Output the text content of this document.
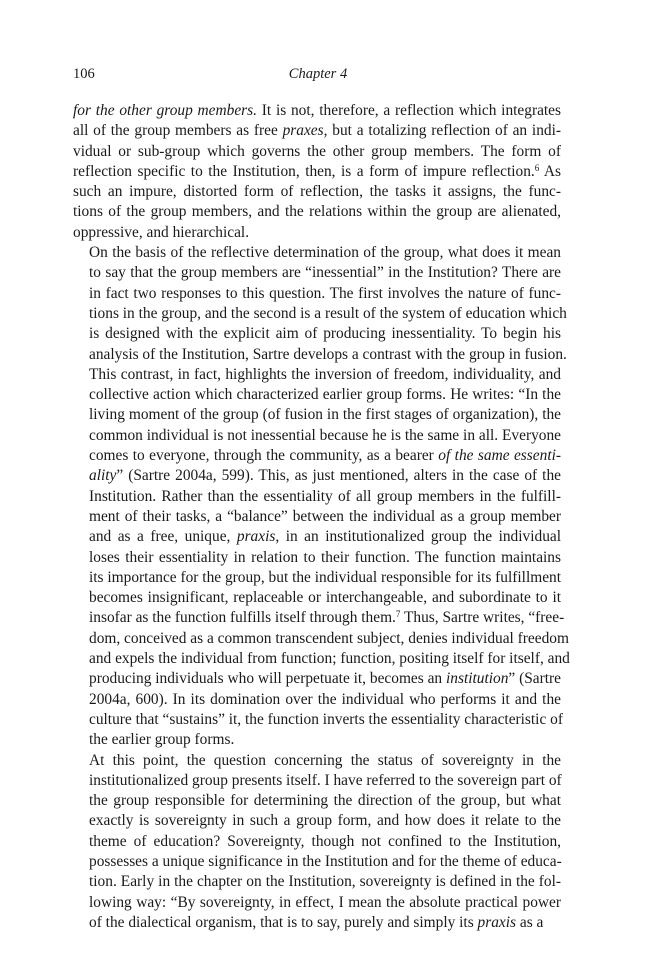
106	Chapter 4

for the other group members. It is not, therefore, a reflection which integrates
all of the group members as free praxes, but a totalizing reflection of an indi-
vidual or sub-group which governs the other group members. The form of
reflection specific to the Institution, then, is a form of impure reflection.$^6$ As
such an impure, distorted form of reflection, the tasks it assigns, the func-
tions of the group members, and the relations within the group are alienated,
oppressive, and hierarchical.

On the basis of the reflective determination of the group, what does it mean
to say that the group members are “inessential” in the Institution? There are
in fact two responses to this question. The first involves the nature of func-
tions in the group, and the second is a result of the system of education which
is designed with the explicit aim of producing inessentiality. To begin his
analysis of the Institution, Sartre develops a contrast with the group in fusion.
This contrast, in fact, highlights the inversion of freedom, individuality, and
collective action which characterized earlier group forms. He writes: “In the
living moment of the group (of fusion in the first stages of organization), the
common individual is not inessential because he is the same in all. Everyone
comes to everyone, through the community, as a bearer of the same essenti-
ality” (Sartre 2004a, 599). This, as just mentioned, alters in the case of the
Institution. Rather than the essentiality of all group members in the fulfill-
ment of their tasks, a “balance” between the individual as a group member
and as a free, unique, praxis, in an institutionalized group the individual
loses their essentiality in relation to their function. The function maintains
its importance for the group, but the individual responsible for its fulfillment
becomes insignificant, replaceable or interchangeable, and subordinate to it
insofar as the function fulfills itself through them.$^7$ Thus, Sartre writes, “free-
dom, conceived as a common transcendent subject, denies individual freedom
and expels the individual from function; function, positing itself for itself, and
producing individuals who will perpetuate it, becomes an institution” (Sartre
2004a, 600). In its domination over the individual who performs it and the
culture that “sustains” it, the function inverts the essentiality characteristic of
the earlier group forms.

At this point, the question concerning the status of sovereignty in the
institutionalized group presents itself. I have referred to the sovereign part of
the group responsible for determining the direction of the group, but what
exactly is sovereignty in such a group form, and how does it relate to the
theme of education? Sovereignty, though not confined to the Institution,
possesses a unique significance in the Institution and for the theme of educa-
tion. Early in the chapter on the Institution, sovereignty is defined in the fol-
lowing way: “By sovereignty, in effect, I mean the absolute practical power
of the dialectical organism, that is to say, purely and simply its praxis as a
